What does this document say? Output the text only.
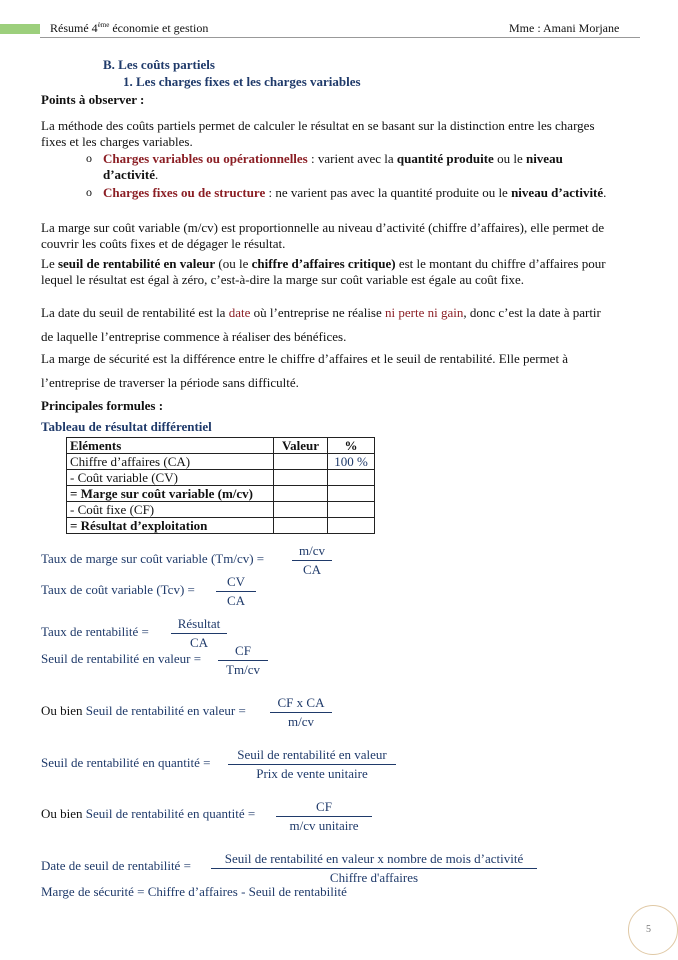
Résumé 4ème économie et gestion	Mme : Amani Morjane
B. Les coûts partiels
1. Les charges fixes et les charges variables
Points à observer :
La méthode des coûts partiels permet de calculer le résultat en se basant sur la distinction entre les charges
fixes et les charges variables.
o Charges variables ou opérationnelles : varient avec la quantité produite ou le niveau
d’activité.
o Charges fixes ou de structure : ne varient pas avec la quantité produite ou le niveau d’activité.
La marge sur coût variable (m/cv) est proportionnelle au niveau d’activité (chiffre d’affaires), elle permet de
couvrir les coûts fixes et de dégager le résultat.
Le seuil de rentabilité en valeur (ou le chiffre d’affaires critique) est le montant du chiffre d’affaires pour
lequel le résultat est égal à zéro, c’est-à-dire la marge sur coût variable est égale au coût fixe.
La date du seuil de rentabilité est la date où l’entreprise ne réalise ni perte ni gain, donc c’est la date à partir
de laquelle l’entreprise commence à réaliser des bénéfices.
La marge de sécurité est la différence entre le chiffre d’affaires et le seuil de rentabilité. Elle permet à
l’entreprise de traverser la période sans difficulté.
Principales formules :
Tableau de résultat différentiel
Eléments	Valeur	%
Chiffre d’affaires (CA)		100 %
- Coût variable (CV)		
= Marge sur coût variable (m/cv)		
- Coût fixe (CF)		
= Résultat d’exploitation		
Taux de marge sur coût variable $(Tm/cv) = \frac{m/cv}{CA}$
Taux de coût variable $(Tcv) = \frac{CV}{CA}$
Taux de rentabilité =
Résultat
CA
Seuil de rentabilité en valeur = $\frac{CF}{Tm/cv}$
Ou bien Seuil de rentabilité en valeur = $\frac{\text{CF x CA}}{m/cv}$
Seuil de rentabilité en quantité =
Seuil de rentabilité en valeur
Prix de vente unitaire
Ou bien Seuil de rentabilité en quantité =	CF
m/cv unitaire
Date de seuil de rentabilité =	Seuil de rentabilité en valeur x nombre de mois d’activité
Chiffre d'affaires
Marge de sécurité = Chiffre d’affaires - Seuil de rentabilité
5
